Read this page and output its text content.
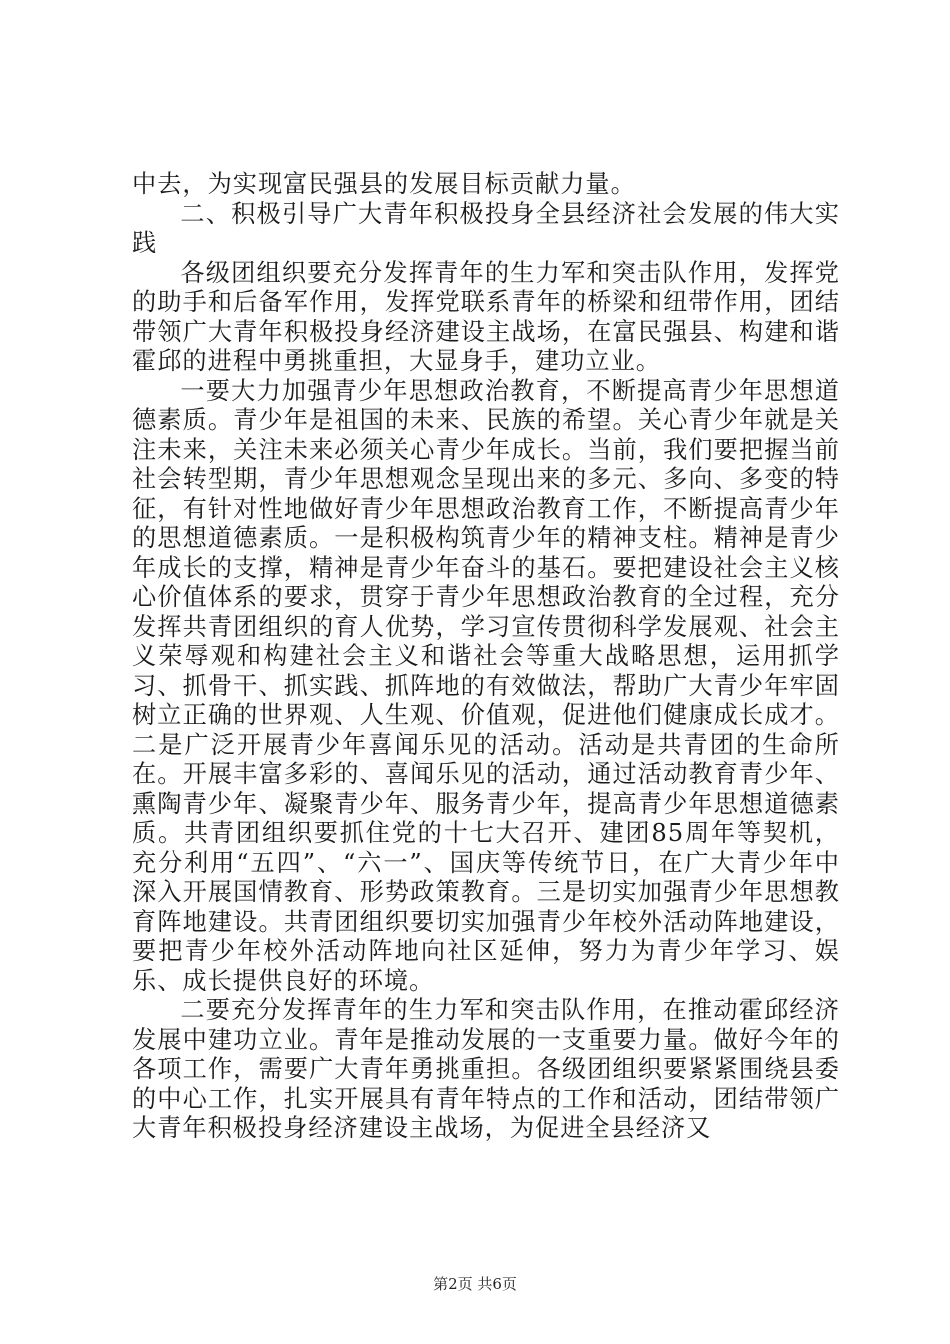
中去，为实现富民强县的发展目标贡献力量。

二、积极引导广大青年积极投身全县经济社会发展的伟大实践

各级团组织要充分发挥青年的生力军和突击队作用，发挥党的助手和后备军作用，发挥党联系青年的桥梁和纽带作用，团结带领广大青年积极投身经济建设主战场，在富民强县、构建和谐霍邱的进程中勇挑重担，大显身手，建功立业。

一要大力加强青少年思想政治教育，不断提高青少年思想道德素质。青少年是祖国的未来、民族的希望。关心青少年就是关注未来，关注未来必须关心青少年成长。当前，我们要把握当前社会转型期，青少年思想观念呈现出来的多元、多向、多变的特征，有针对性地做好青少年思想政治教育工作，不断提高青少年的思想道德素质。一是积极构筑青少年的精神支柱。精神是青少年成长的支撑，精神是青少年奋斗的基石。要把建设社会主义核心价值体系的要求，贯穿于青少年思想政治教育的全过程，充分发挥共青团组织的育人优势，学习宣传贯彻科学发展观、社会主义荣辱观和构建社会主义和谐社会等重大战略思想，运用抓学习、抓骨干、抓实践、抓阵地的有效做法，帮助广大青少年牢固树立正确的世界观、人生观、价值观，促进他们健康成长成才。二是广泛开展青少年喜闻乐见的活动。活动是共青团的生命所在。开展丰富多彩的、喜闻乐见的活动，通过活动教育青少年、熏陶青少年、凝聚青少年、服务青少年，提高青少年思想道德素质。共青团组织要抓住党的十七大召开、建团85周年等契机，充分利用“五四”、“六一”、国庆等传统节日，在广大青少年中深入开展国情教育、形势政策教育。三是切实加强青少年思想教育阵地建设。共青团组织要切实加强青少年校外活动阵地建设，要把青少年校外活动阵地向社区延伸，努力为青少年学习、娱乐、成长提供良好的环境。

二要充分发挥青年的生力军和突击队作用，在推动霍邱经济发展中建功立业。青年是推动发展的一支重要力量。做好今年的各项工作，需要广大青年勇挑重担。各级团组织要紧紧围绕县委的中心工作，扎实开展具有青年特点的工作和活动，团结带领广大青年积极投身经济建设主战场，为促进全县经济又

第2页 共6页
